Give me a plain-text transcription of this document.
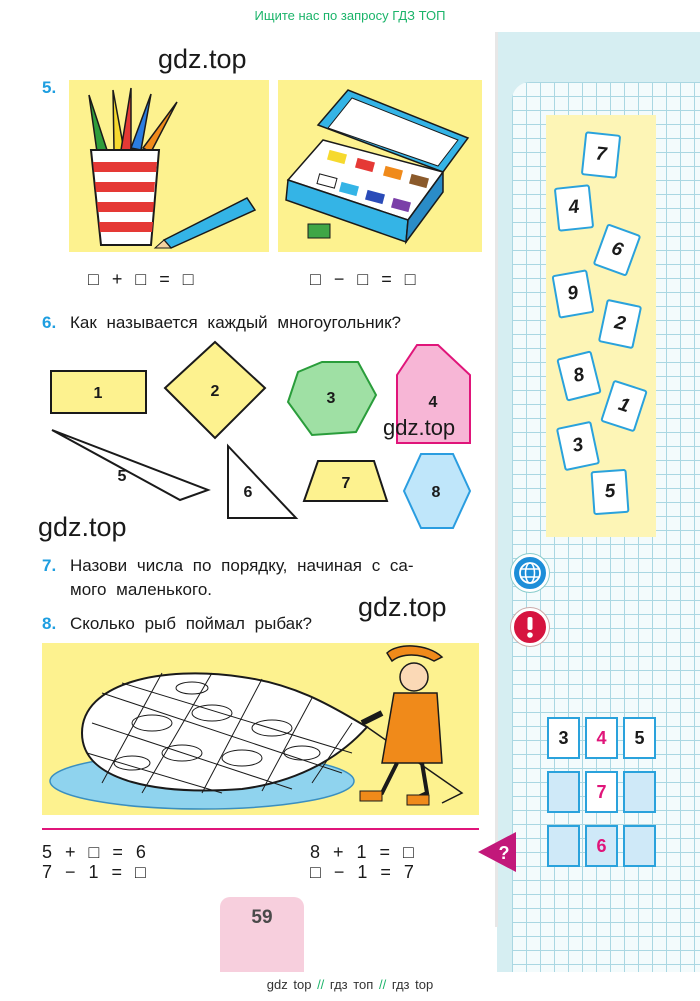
Ищите нас по запросу ГДЗ ТОП
5.
gdz.top
□ + □ = □	□ − □ = □
6. Как называется каждый многоугольник?
1	2	3	4
5
6
7
8
gdz.top
gdz.top
7. Назови числа по порядку, начиная с са-
мого маленького.
8. Сколько рыб поймал рыбак?
gdz.top
5 + □ = 6
7 − 1 = □
8 + 1 = □
□ − 1 = 7
7
4
6
9
2
8
1
3
5
3	4	5
7
6
?
59
gdz top // гдз топ // гдз top
